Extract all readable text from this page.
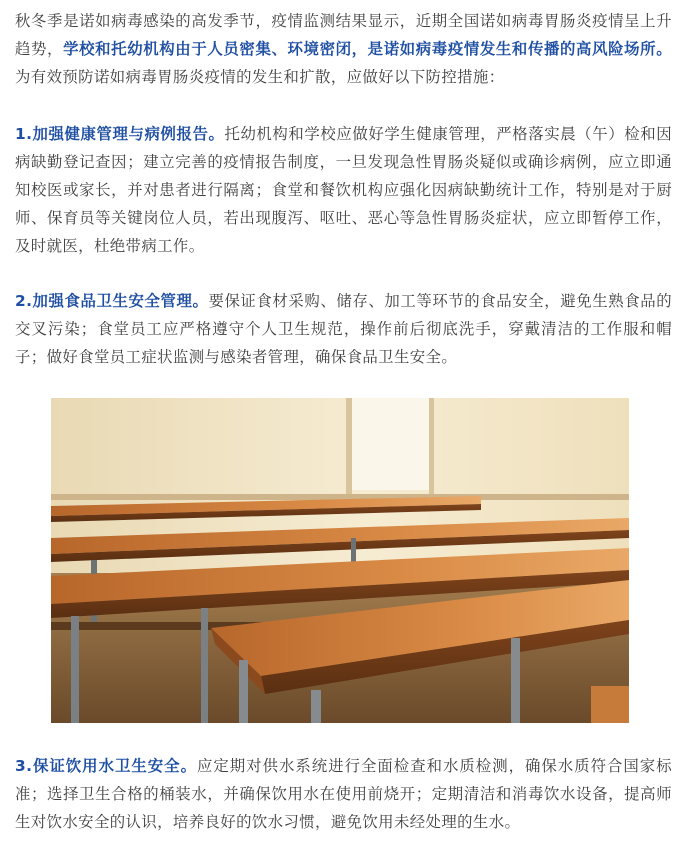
秋冬季是诺如病毒感染的高发季节，疫情监测结果显示，近期全国诺如病毒胃肠炎疫情呈上升趋势，学校和托幼机构由于人员密集、环境密闭，是诺如病毒疫情发生和传播的高风险场所。为有效预防诺如病毒胃肠炎疫情的发生和扩散，应做好以下防控措施：

1.加强健康管理与病例报告。托幼机构和学校应做好学生健康管理，严格落实晨（午）检和因病缺勤登记查因；建立完善的疫情报告制度，一旦发现急性胃肠炎疑似或确诊病例，应立即通知校医或家长，并对患者进行隔离；食堂和餐饮机构应强化因病缺勤统计工作，特别是对于厨师、保育员等关键岗位人员，若出现腹泻、呕吐、恶心等急性胃肠炎症状，应立即暂停工作，及时就医，杜绝带病工作。

2.加强食品卫生安全管理。要保证食材采购、储存、加工等环节的食品安全，避免生熟食品的交叉污染；食堂员工应严格遵守个人卫生规范，操作前后彻底洗手，穿戴清洁的工作服和帽子；做好食堂员工症状监测与感染者管理，确保食品卫生安全。

3.保证饮用水卫生安全。应定期对供水系统进行全面检查和水质检测，确保水质符合国家标准；选择卫生合格的桶装水，并确保饮用水在使用前烧开；定期清洁和消毒饮水设备，提高师生对饮水安全的认识，培养良好的饮水习惯，避免饮用未经处理的生水。
